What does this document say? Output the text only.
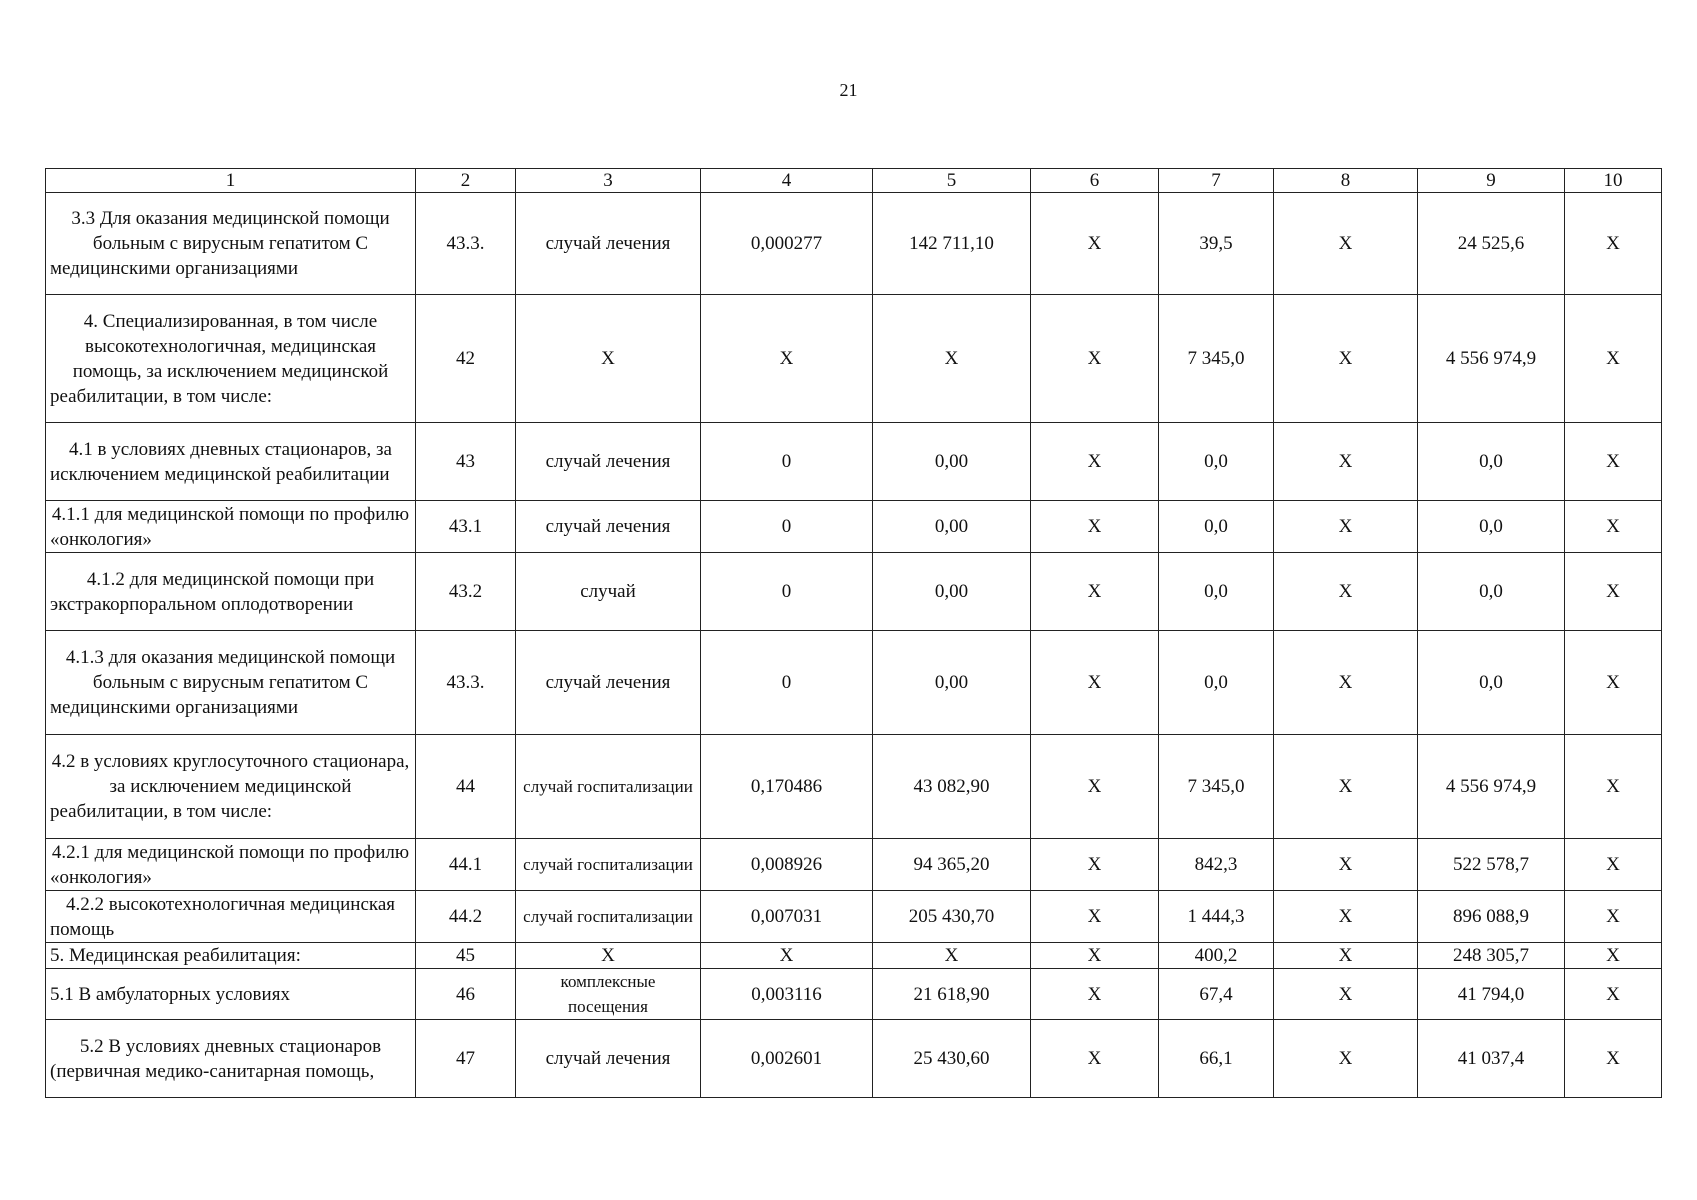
21
1	2	3	4	5	6	7	8	9	10
3.3 Для оказания медицинской помощи больным с вирусным гепатитом С медицинскими организациями	43.3.	случай лечения	0,000277	142 711,10	X	39,5	X	24 525,6	X
4. Специализированная, в том числе высокотехнологичная, медицинская помощь, за исключением медицинской реабилитации, в том числе:	42	X	X	X	X	7 345,0	X	4 556 974,9	X
4.1 в условиях дневных стационаров, за исключением медицинской реабилитации	43	случай лечения	0	0,00	X	0,0	X	0,0	X
4.1.1 для медицинской помощи по профилю «онкология»	43.1	случай лечения	0	0,00	X	0,0	X	0,0	X
4.1.2 для медицинской помощи при экстракорпоральном оплодотворении	43.2	случай	0	0,00	X	0,0	X	0,0	X
4.1.3 для оказания медицинской помощи больным с вирусным гепатитом С медицинскими организациями	43.3.	случай лечения	0	0,00	X	0,0	X	0,0	X
4.2 в условиях круглосуточного стационара, за исключением медицинской реабилитации, в том числе:	44	случай госпитализации	0,170486	43 082,90	X	7 345,0	X	4 556 974,9	X
4.2.1 для медицинской помощи по профилю «онкология»	44.1	случай госпитализации	0,008926	94 365,20	X	842,3	X	522 578,7	X
4.2.2 высокотехнологичная медицинская помощь	44.2	случай госпитализации	0,007031	205 430,70	X	1 444,3	X	896 088,9	X
5. Медицинская реабилитация:	45	X	X	X	X	400,2	X	248 305,7	X
5.1 В амбулаторных условиях	46	комплексные посещения	0,003116	21 618,90	X	67,4	X	41 794,0	X
5.2 В условиях дневных стационаров (первичная медико-санитарная помощь,	47	случай лечения	0,002601	25 430,60	X	66,1	X	41 037,4	X
